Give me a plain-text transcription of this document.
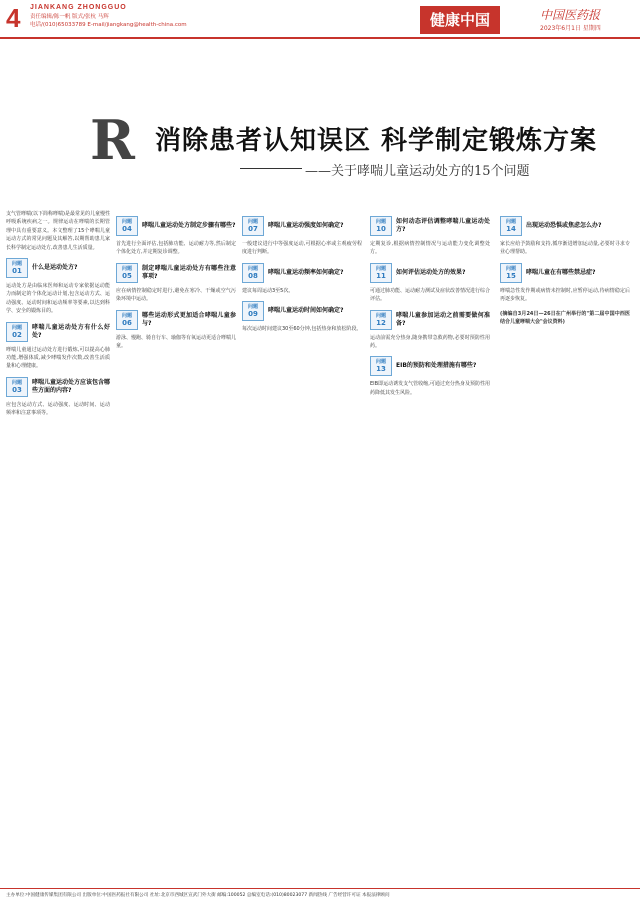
4 JIANKANG ZHONGGUO
责任编辑/陈一帆 版式/张杭 马辉
电话/(010)65033789 E-mail/jiangkang@health-china.com	健康中国	中国医药报
2023年6月1日 星期四
R 消除患者认知误区 科学制定锻炼方案
——关于哮喘儿童运动处方的15个问题

支气管哮喘(以下简称哮喘)是最常见的儿童慢性呼吸系统疾病之一。规律运动在哮喘的长期管理中具有重要意义。本文整理了15个哮喘儿童运动方式的常见问题及其解答,以期帮助患儿家长科学制定运动处方,改善患儿生活质量。

问题
01	什么是运动处方?

运动处方是由临床医师和运动专家依据运动能力而制定的个体化运动计划,包含运动方式、运动强度、运动时间和运动频率等要素,以达到科学、安全的锻炼目的。

问题
02
哮喘儿童运动处方有什么好处?

哮喘儿童通过运动处方进行锻炼,可以提高心肺功能,增强体质,减少哮喘发作次数,改善生活质量和心理健康。

问题
03
哮喘儿童运动处方应该包含哪些方面的内容?

应包含运动方式、运动强度、运动时间、运动频率和注意事项等。

问题
04	哮喘儿童运动处方制定步骤有哪些?

首先进行全面评估,包括肺功能、运动耐力等,然后制定个体化处方,并定期复诊调整。

问题
05
制定哮喘儿童运动处方有哪些注意事项?

应在病情控制稳定时进行,避免在寒冷、干燥或空气污染环境中运动。

问题
06
哪些运动形式更加适合哮喘儿童参与?

游泳、慢跑、骑自行车、瑜伽等有氧运动更适合哮喘儿童。

问题
07	哮喘儿童运动强度如何确定?

一般建议进行中等强度运动,可根据心率或主观疲劳程度进行判断。

问题
08	哮喘儿童运动频率如何确定?

建议每周运动3至5次。

问题
09	哮喘儿童运动时间如何确定?

每次运动时间建议30至60分钟,包括热身和放松阶段。

问题
10
如何动态评估调整哮喘儿童运动处方?

定期复诊,根据病情控制情况与运动能力变化调整处方。

问题
11	如何评估运动处方的效果?

可通过肺功能、运动耐力测试及症状改善情况进行综合评估。

问题
12
哮喘儿童参加运动之前需要做何准备?

运动前需充分热身,随身携带急救药物,必要时预防性用药。

问题
13	EIB的预防和处理措施有哪些?

EIB即运动诱发支气管收缩,可通过充分热身及预防性用药降低其发生风险。

问题
14	出现运动恐惧或焦虑怎么办?

家长应给予鼓励和支持,循序渐进增加运动量,必要时寻求专业心理帮助。

问题
15	哮喘儿童在有哪些禁忌症?

哮喘急性发作期或病情未控制时,应暂停运动,待病情稳定后再逐步恢复。

(摘编自3月24日—26日在广州举行的"第二届中国中西医结合儿童哮喘大会"会议资料)

主办单位:中国健康传媒集团有限公司 出版单位:中国医药报社有限公司 社址:北京市西城区宣武门外大街 邮编:100052 总编室电话:(010)80023077 新闻热线 广告经营许可证 本报法律顾问
